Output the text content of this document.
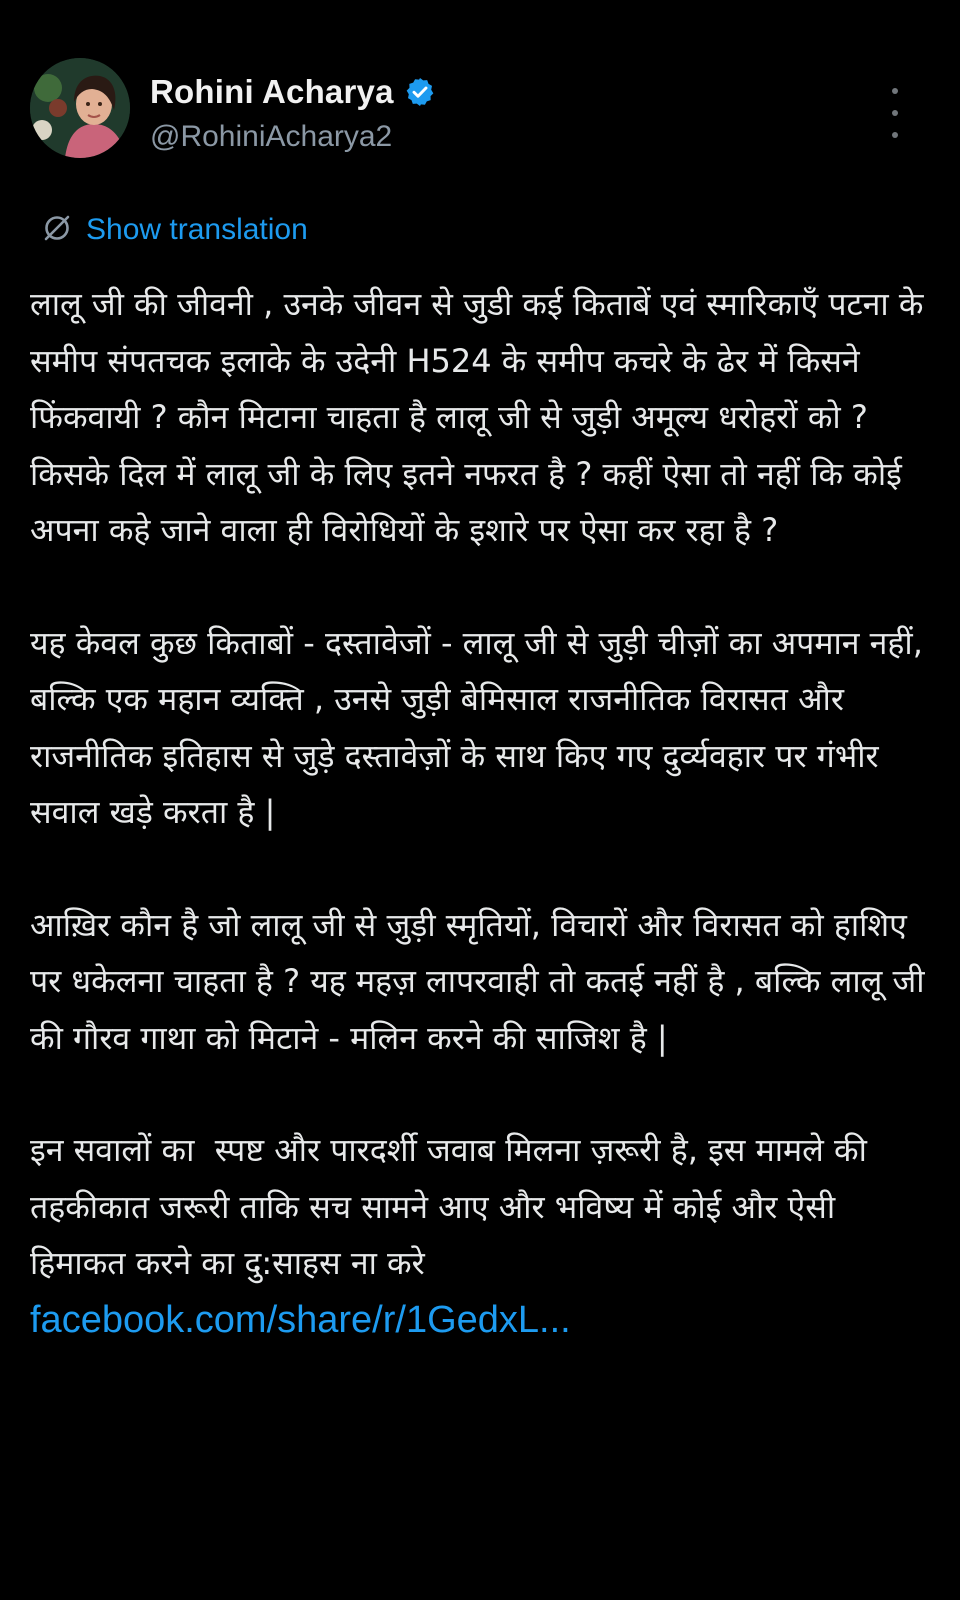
Rohini Acharya
@RohiniAcharya2
Show translation

लालू जी की जीवनी , उनके जीवन से जुडी कई किताबें एवं स्मारिकाएँ पटना के समीप संपतचक इलाके के उदेनी H524 के समीप कचरे के ढेर में किसने फिंकवायी ? कौन मिटाना चाहता है लालू जी से जुड़ी अमूल्य धरोहरों को ? किसके दिल में लालू जी के लिए इतने नफरत है ? कहीं ऐसा तो नहीं कि कोई अपना कहे जाने वाला ही विरोधियों के इशारे पर ऐसा कर रहा है ?

यह केवल कुछ किताबों - दस्तावेजों - लालू जी से जुड़ी चीज़ों का अपमान नहीं, बल्कि एक महान व्यक्ति , उनसे जुड़ी बेमिसाल राजनीतिक विरासत और राजनीतिक इतिहास से जुड़े दस्तावेज़ों के साथ किए गए दुर्व्यवहार पर गंभीर सवाल खड़े करता है |

आख़िर कौन है जो लालू जी से जुड़ी स्मृतियों, विचारों और विरासत को हाशिए पर धकेलना चाहता है ? यह महज़ लापरवाही तो कतई नहीं है , बल्कि लालू जी की गौरव गाथा को मिटाने - मलिन करने की साजिश है |

इन सवालों का  स्पष्ट और पारदर्शी जवाब मिलना ज़रूरी है, इस मामले की तहकीकात जरूरी ताकि सच सामने आए और भविष्य में कोई और ऐसी हिमाकत करने का दु:साहस ना करे

facebook.com/share/r/1GedxL...
